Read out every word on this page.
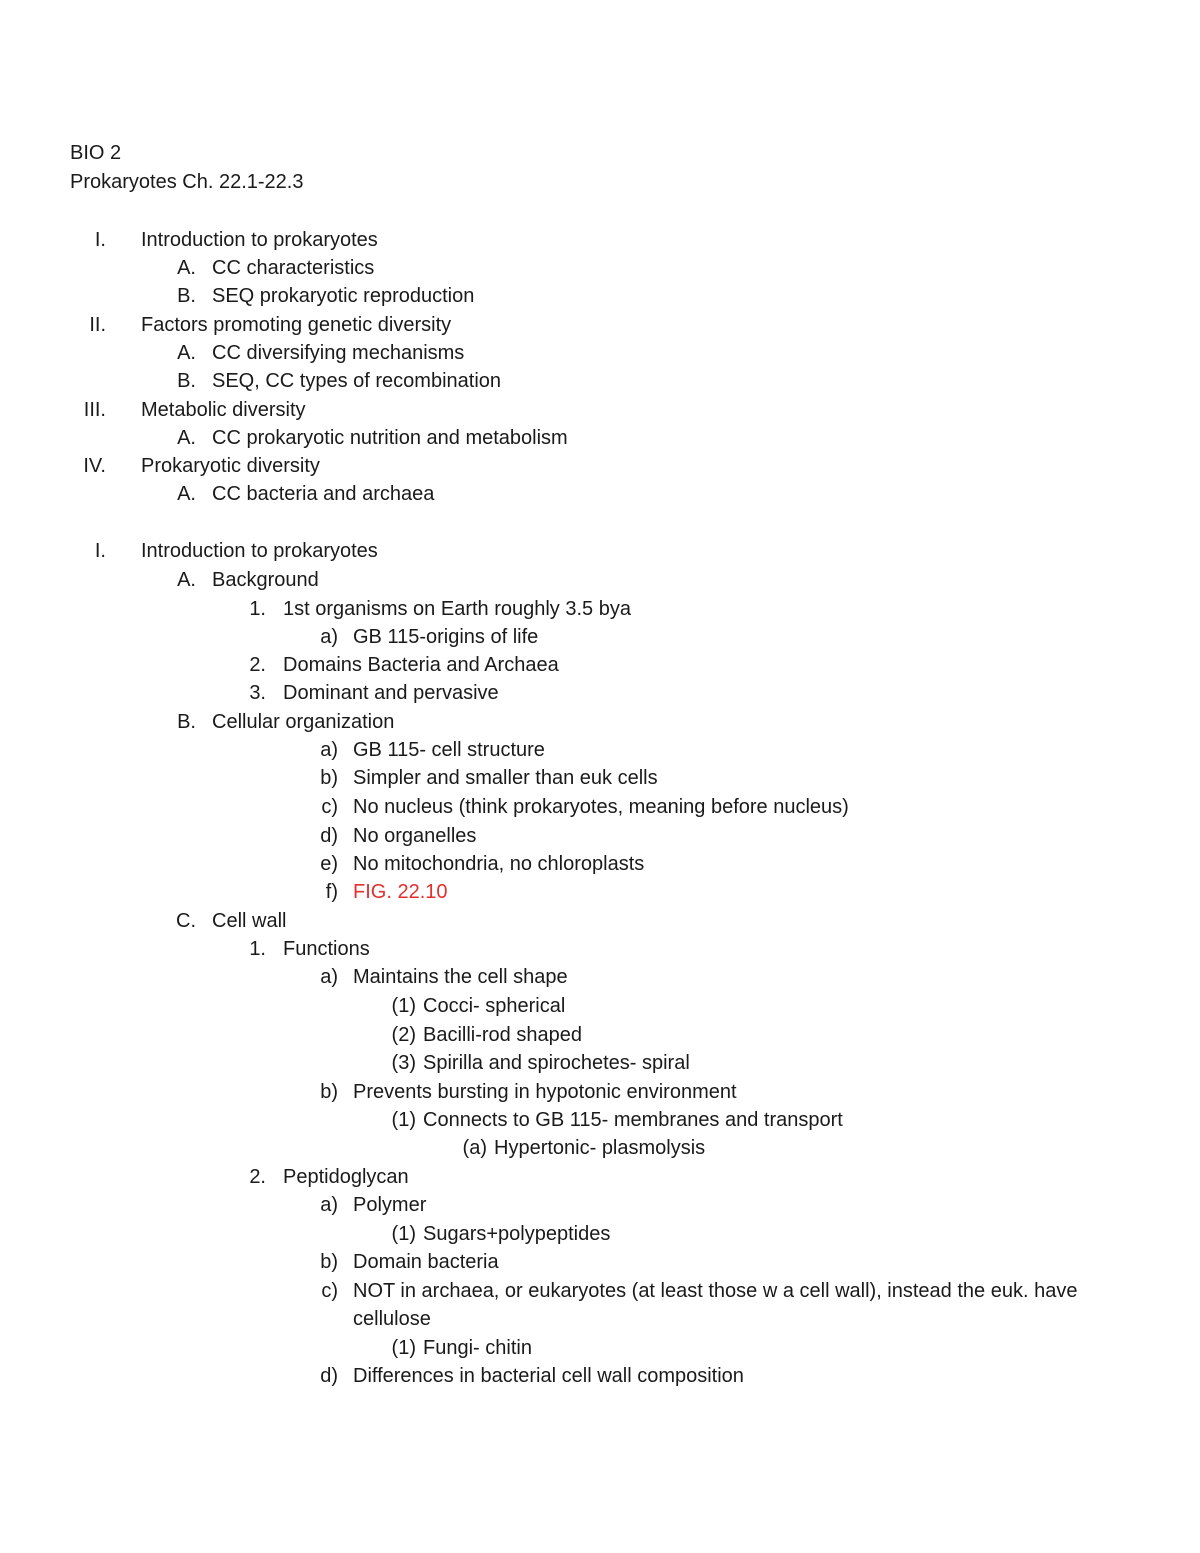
BIO 2
Prokaryotes Ch. 22.1-22.3
I. Introduction to prokaryotes
A. CC characteristics
B. SEQ prokaryotic reproduction
II. Factors promoting genetic diversity
A. CC diversifying mechanisms
B. SEQ, CC types of recombination
III. Metabolic diversity
A. CC prokaryotic nutrition and metabolism
IV. Prokaryotic diversity
A. CC bacteria and archaea
I. Introduction to prokaryotes
A. Background
1. 1st organisms on Earth roughly 3.5 bya
a) GB 115-origins of life
2. Domains Bacteria and Archaea
3. Dominant and pervasive
B. Cellular organization
a) GB 115- cell structure
b) Simpler and smaller than euk cells
c) No nucleus (think prokaryotes, meaning before nucleus)
d) No organelles
e) No mitochondria, no chloroplasts
f) FIG. 22.10
C. Cell wall
1. Functions
a) Maintains the cell shape
(1) Cocci- spherical
(2) Bacilli-rod shaped
(3) Spirilla and spirochetes- spiral
b) Prevents bursting in hypotonic environment
(1) Connects to GB 115- membranes and transport
(a) Hypertonic- plasmolysis
2. Peptidoglycan
a) Polymer
(1) Sugars+polypeptides
b) Domain bacteria
c) NOT in archaea, or eukaryotes (at least those w a cell wall), instead the euk. have cellulose
(1) Fungi- chitin
d) Differences in bacterial cell wall composition
